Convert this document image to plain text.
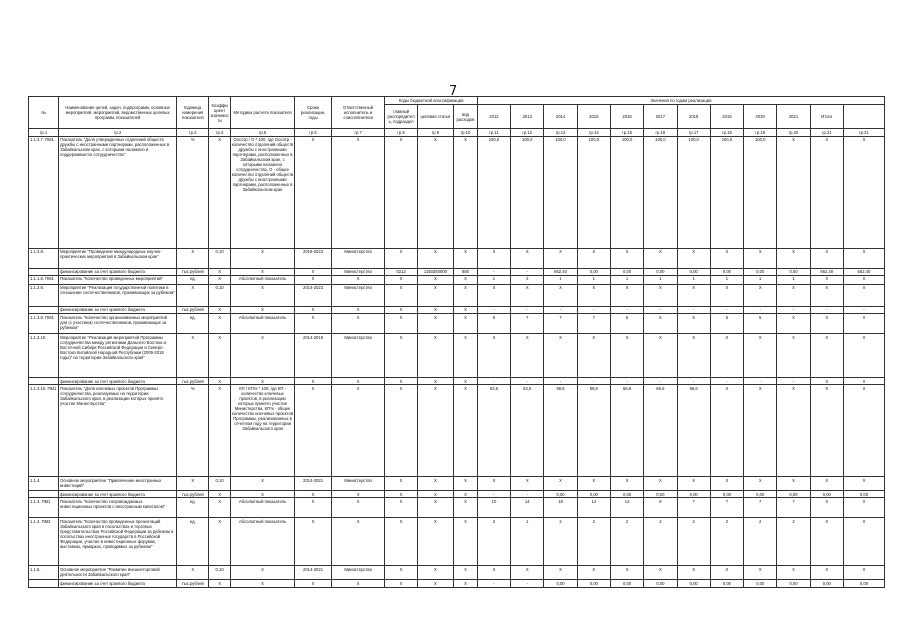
7
№	Наименование целей, задач, подпрограмм, основных мероприятий, мероприятий, ведомственных целевых программ, показателей	Единица измерения показателя	Коэффициент значимости	Методика расчета показателя	Сроки реализации, годы	Ответственный исполнитель и соисполнители	Коды бюджетной классификации			Значения по годам реализации											
							главный распорядитель, подраздел	целевая статья	вид расходов	2012	2013	2014	2015	2016	2017	2018	2019	2020	2021	Итого	
гр.1	гр.2	гр.3	гр.4	гр.5	гр.6	гр.7	гр.8	гр.9	гр.10	гр.11	гр.12	гр.13	гр.14	гр.15	гр.16	гр.17	гр.18	гр.19	гр.20	гр.21	гр.21
1.1.3.7. ПМ1	Показатель "Доля утвержденных отделений обществ дружбы с иностранными партнерами, расположенных в Забайкальском крае, с которыми налажено и поддерживается сотрудничество"	%	X	Оосотр / О * 100, где Оосотр - количество отделений обществ дружбы с иностранными партнерами, расположенных в Забайкальском крае, с которыми налажено сотрудничество, О - общее количество отделений обществ дружбы с иностранными партнерами, расположенных в Забайкальском крае	X	X	X	X	X	100,0	100,0	100,0	100,0	100,0	100,0	100,0	100,0	100,0	X	X	X
1.1.3.8.	Мероприятие "Проведение международных научно-практических мероприятий в Забайкальском крае"	X	0,10	X	2019-2023	Министерство	X	X	X	X	X	X	X	X	X	X	X	X	X	X	X
	финансирование за счет краевого бюджета	тыс.рублей	X	X	X	Министерство	0213	1150360000	880	-	-	662,40	0,00	0,00	0,00	0,00	0,00	0,00	0,00	662,40	662,40
1.1.1.8. ПМ1	Показатель "Количество проведенных мероприятий"	ед.	X	Абсолютный показатель	X	X	X	X	X	1	2	1	1	1	1	1	1	1	1	X	X
1.1.3.9.	Мероприятие "Реализация государственной политики в отношении соотечественников, проживающих за рубежом"	X	0,10	X	2014-2023	Министерство	X	X	X	X	X	X	X	X	X	X	X	X	X	X	X
	финансирование за счет краевого бюджета	тыс.рублей	X	X	X	X	X	X	X	-	-	-	-	-	-	-	-	-	-	-	-
1.1.3.9. ПМ1	Показатель "Количество организованных мероприятий для (с участием) соотечественников, проживающих за рубежом"	ед.	X	Абсолютный показатель	X	X	X	X	X	6	7	7	7	5	5	5	5	5	X	X	X
1.1.3.10.	Мероприятие "Реализация мероприятий Программы сотрудничества между регионами Дальнего Востока и Восточной Сибири Российской Федерации и Северо-Востока Китайской Народной Республики (2009-2018 годы)" на территории Забайкальского края"	X	X	X	2014-2018	Министерство	X	X	X	X	X	X	X	X	X	X	X	X	X	X	X
	финансирование за счет краевого бюджета	тыс.рублей	X	X	X	X	X	X	X	-	-	-	-	-	-	-	-	-	-	X	X
1.1.3.10. ПМ1	Показатель "Доля ключевых проектов Программы сотрудничества, реализуемых на территории Забайкальского края, в реализации которых принято участие Министерства"	%	X	КП / КПтк * 100, где КП - количество ключевых проектов, в реализации которых принято участие Министерства, КПтк - общее количество ключевых проектов Программы, реализованных в отчетном году на территории Забайкальского края	X	X	X	X	X	63,6	63,6	66,6	66,6	66,6	66,6	66,6	X	X	X	X	X
1.1.4.	Основное мероприятие "Привлечение иностранных инвестиций"	X	0,10	X	2014-2021	Министерство	X	X	X	X	X	X	X	X	X	X	X	X	X	X	X
	финансирование за счет краевого бюджета	тыс.рублей	X	X	X	X	X	X	X	-	-	0,00	0,00	0,00	0,00	0,00	0,00	0,00	0,00	0,00	0,00
1.1.4. ПМ1	Показатель "Количество сопровождаемых инвестиционных проектов с иностранным капиталом"	ед.	X	Абсолютный показатель	X	X	X	X	X	10	14	18	14	12	8	7	7	7	7	X	X
1.1.4. ПМ2	Показатель "Количество проведенных презентаций Забайкальского края в посольствах и торговых представительствах Российской Федерации за рубежом и посольствах иностранных государств в Российской Федерации, участие в инвестиционных форумах, выставках, ярмарках, проводимых за рубежом"	ед.	X	Абсолютный показатель	X	X	X	X	X	2	1	2	2	2	2	2	2	2	2	X	X
1.1.5.	Основное мероприятие "Развитие внешнеторговой деятельности Забайкальского края"	X	0,10	X	2014-2021	Министерство	X	X	X	X	X	X	X	X	X	X	X	X	X	X	X
	финансирование за счет краевого бюджета	тыс.рублей	X	X	X	X	X	X	X	-	-	0,00	0,00	0,00	0,00	0,00	0,00	0,00	0,00	0,00	0,00
